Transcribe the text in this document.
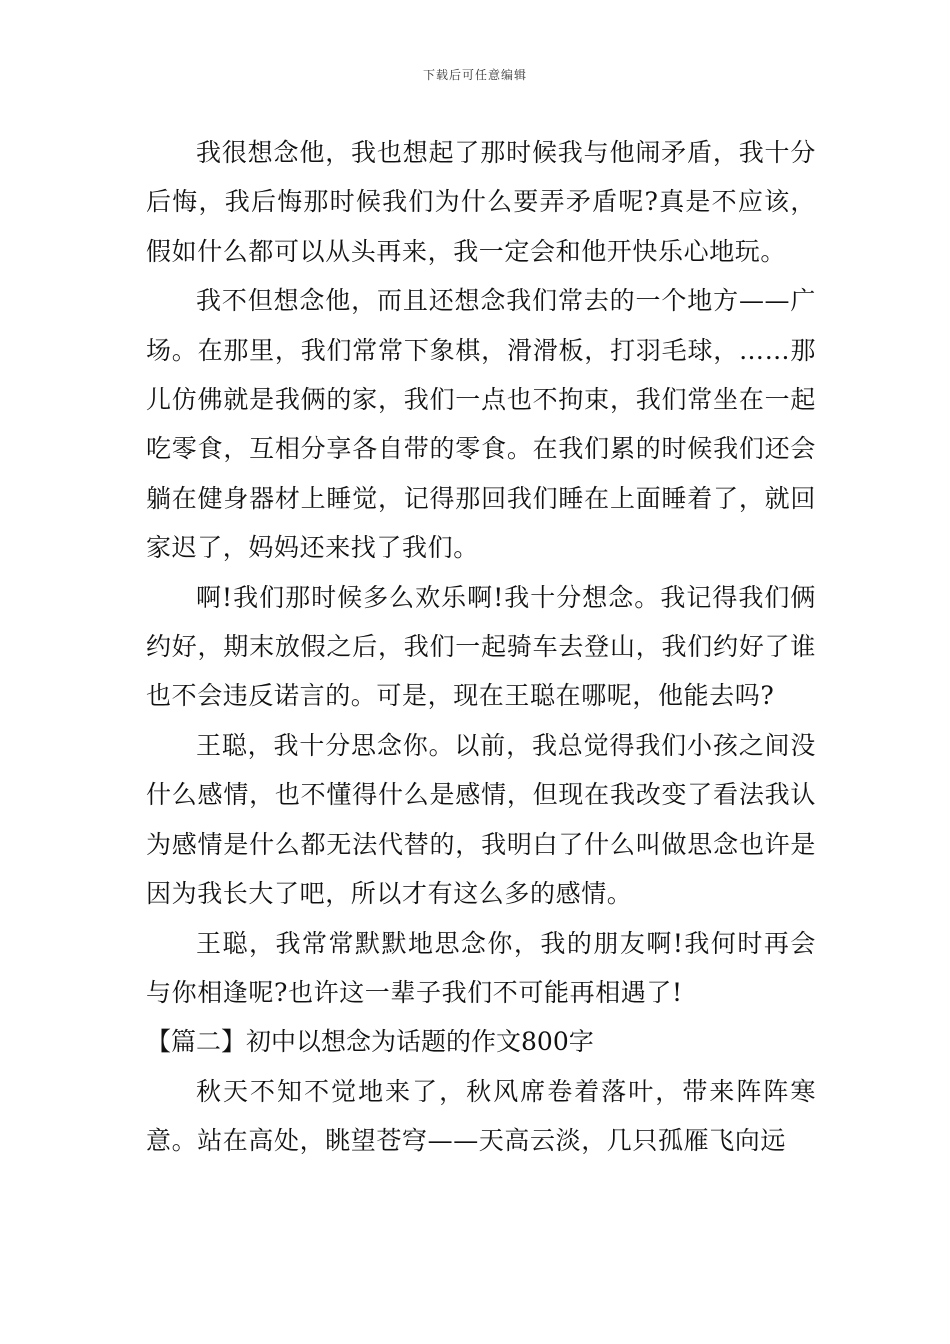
下载后可任意编辑

我很想念他，我也想起了那时候我与他闹矛盾，我十分后悔，我后悔那时候我们为什么要弄矛盾呢?真是不应该，假如什么都可以从头再来，我一定会和他开快乐心地玩。

我不但想念他，而且还想念我们常去的一个地方——广场。在那里，我们常常下象棋，滑滑板，打羽毛球，……那儿仿佛就是我俩的家，我们一点也不拘束，我们常坐在一起吃零食，互相分享各自带的零食。在我们累的时候我们还会躺在健身器材上睡觉，记得那回我们睡在上面睡着了，就回家迟了，妈妈还来找了我们。

啊!我们那时候多么欢乐啊!我十分想念。我记得我们俩约好，期末放假之后，我们一起骑车去登山，我们约好了谁也不会违反诺言的。可是，现在王聪在哪呢，他能去吗?

王聪，我十分思念你。以前，我总觉得我们小孩之间没什么感情，也不懂得什么是感情，但现在我改变了看法我认为感情是什么都无法代替的，我明白了什么叫做思念也许是因为我长大了吧，所以才有这么多的感情。

王聪，我常常默默地思念你，我的朋友啊!我何时再会与你相逢呢?也许这一辈子我们不可能再相遇了!

【篇二】初中以想念为话题的作文800字

秋天不知不觉地来了，秋风席卷着落叶，带来阵阵寒意。站在高处，眺望苍穹——天高云淡，几只孤雁飞向远
